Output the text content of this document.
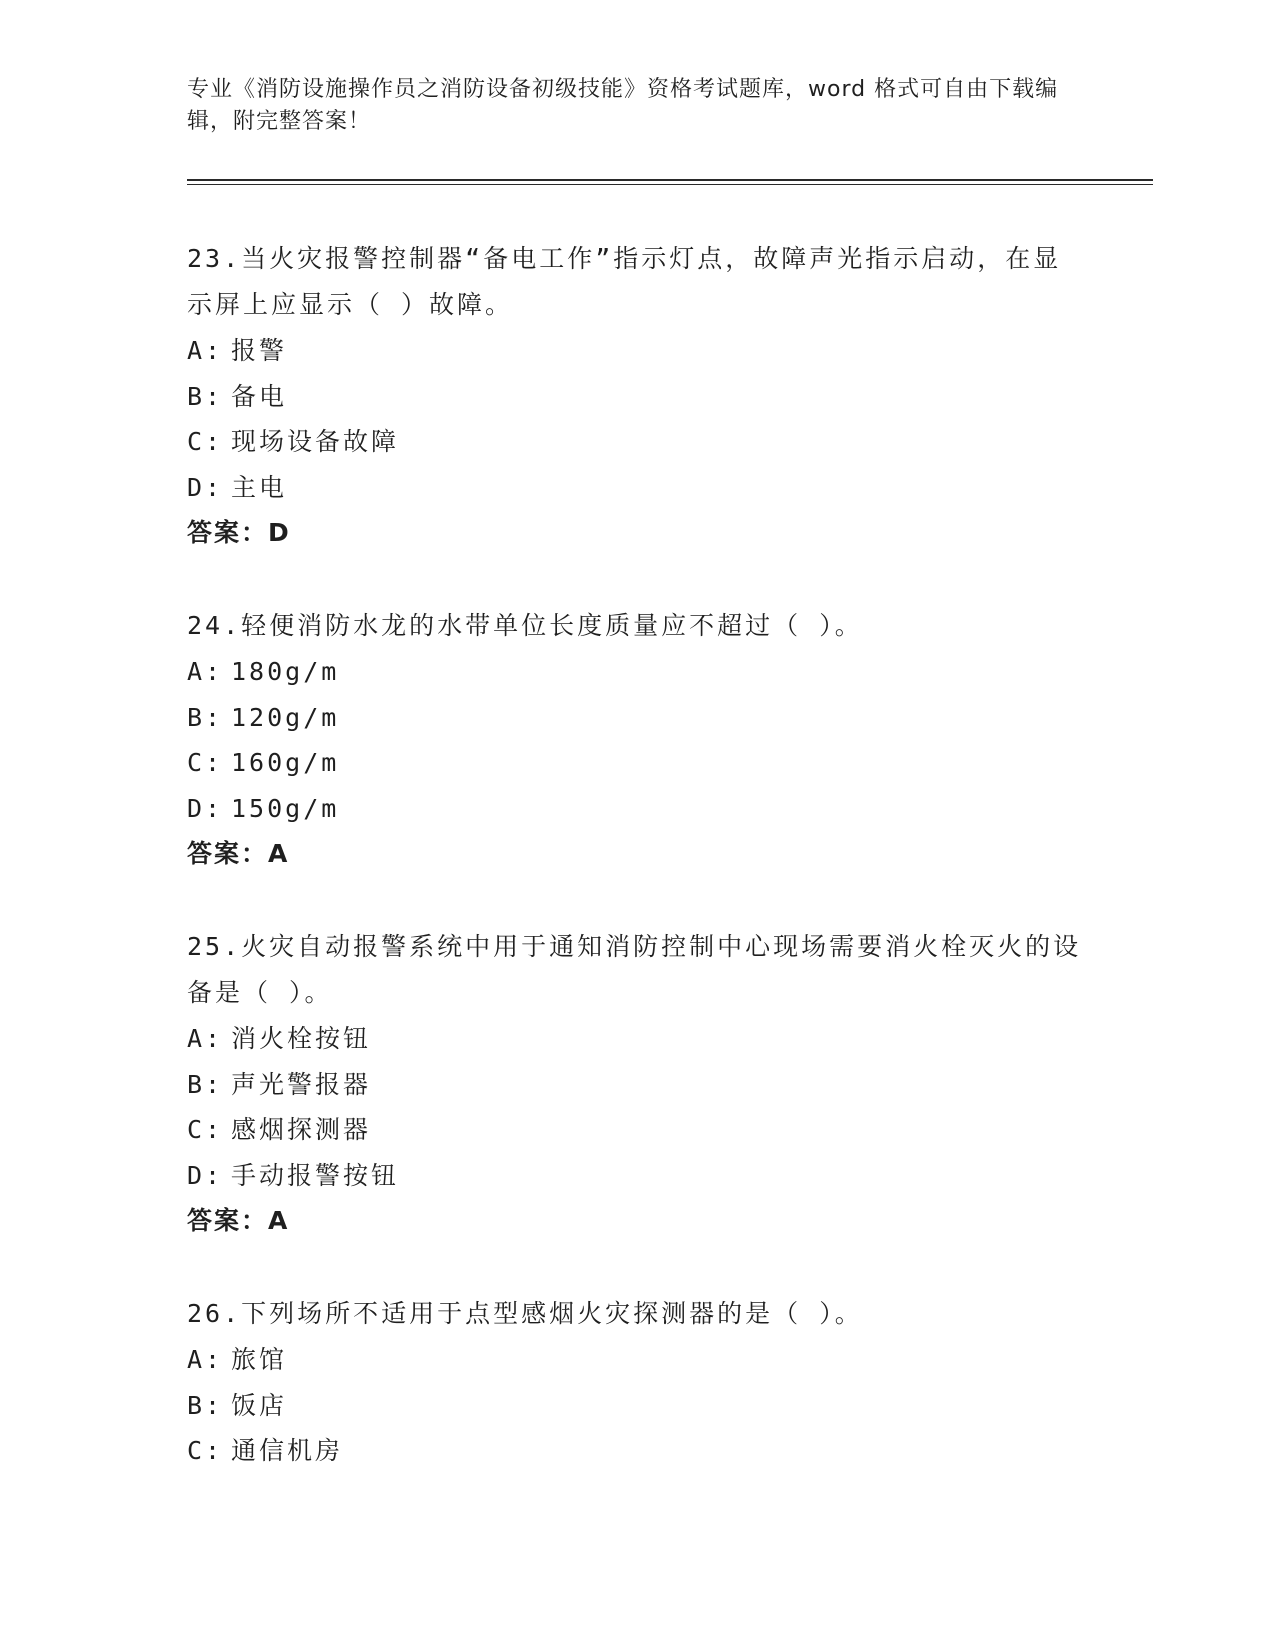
专业《消防设施操作员之消防设备初级技能》资格考试题库，word 格式可自由下载编辑，附完整答案！
23.当火灾报警控制器“备电工作”指示灯点，故障声光指示启动，在显示屏上应显示（ ）故障。
A: 报警
B: 备电
C: 现场设备故障
D: 主电
答案：D
24.轻便消防水龙的水带单位长度质量应不超过（ ）。
A: 180g/m
B: 120g/m
C: 160g/m
D: 150g/m
答案：A
25.火灾自动报警系统中用于通知消防控制中心现场需要消火栓灭火的设备是（ ）。
A: 消火栓按钮
B: 声光警报器
C: 感烟探测器
D: 手动报警按钮
答案：A
26.下列场所不适用于点型感烟火灾探测器的是（ ）。
A: 旅馆
B: 饭店
C: 通信机房
